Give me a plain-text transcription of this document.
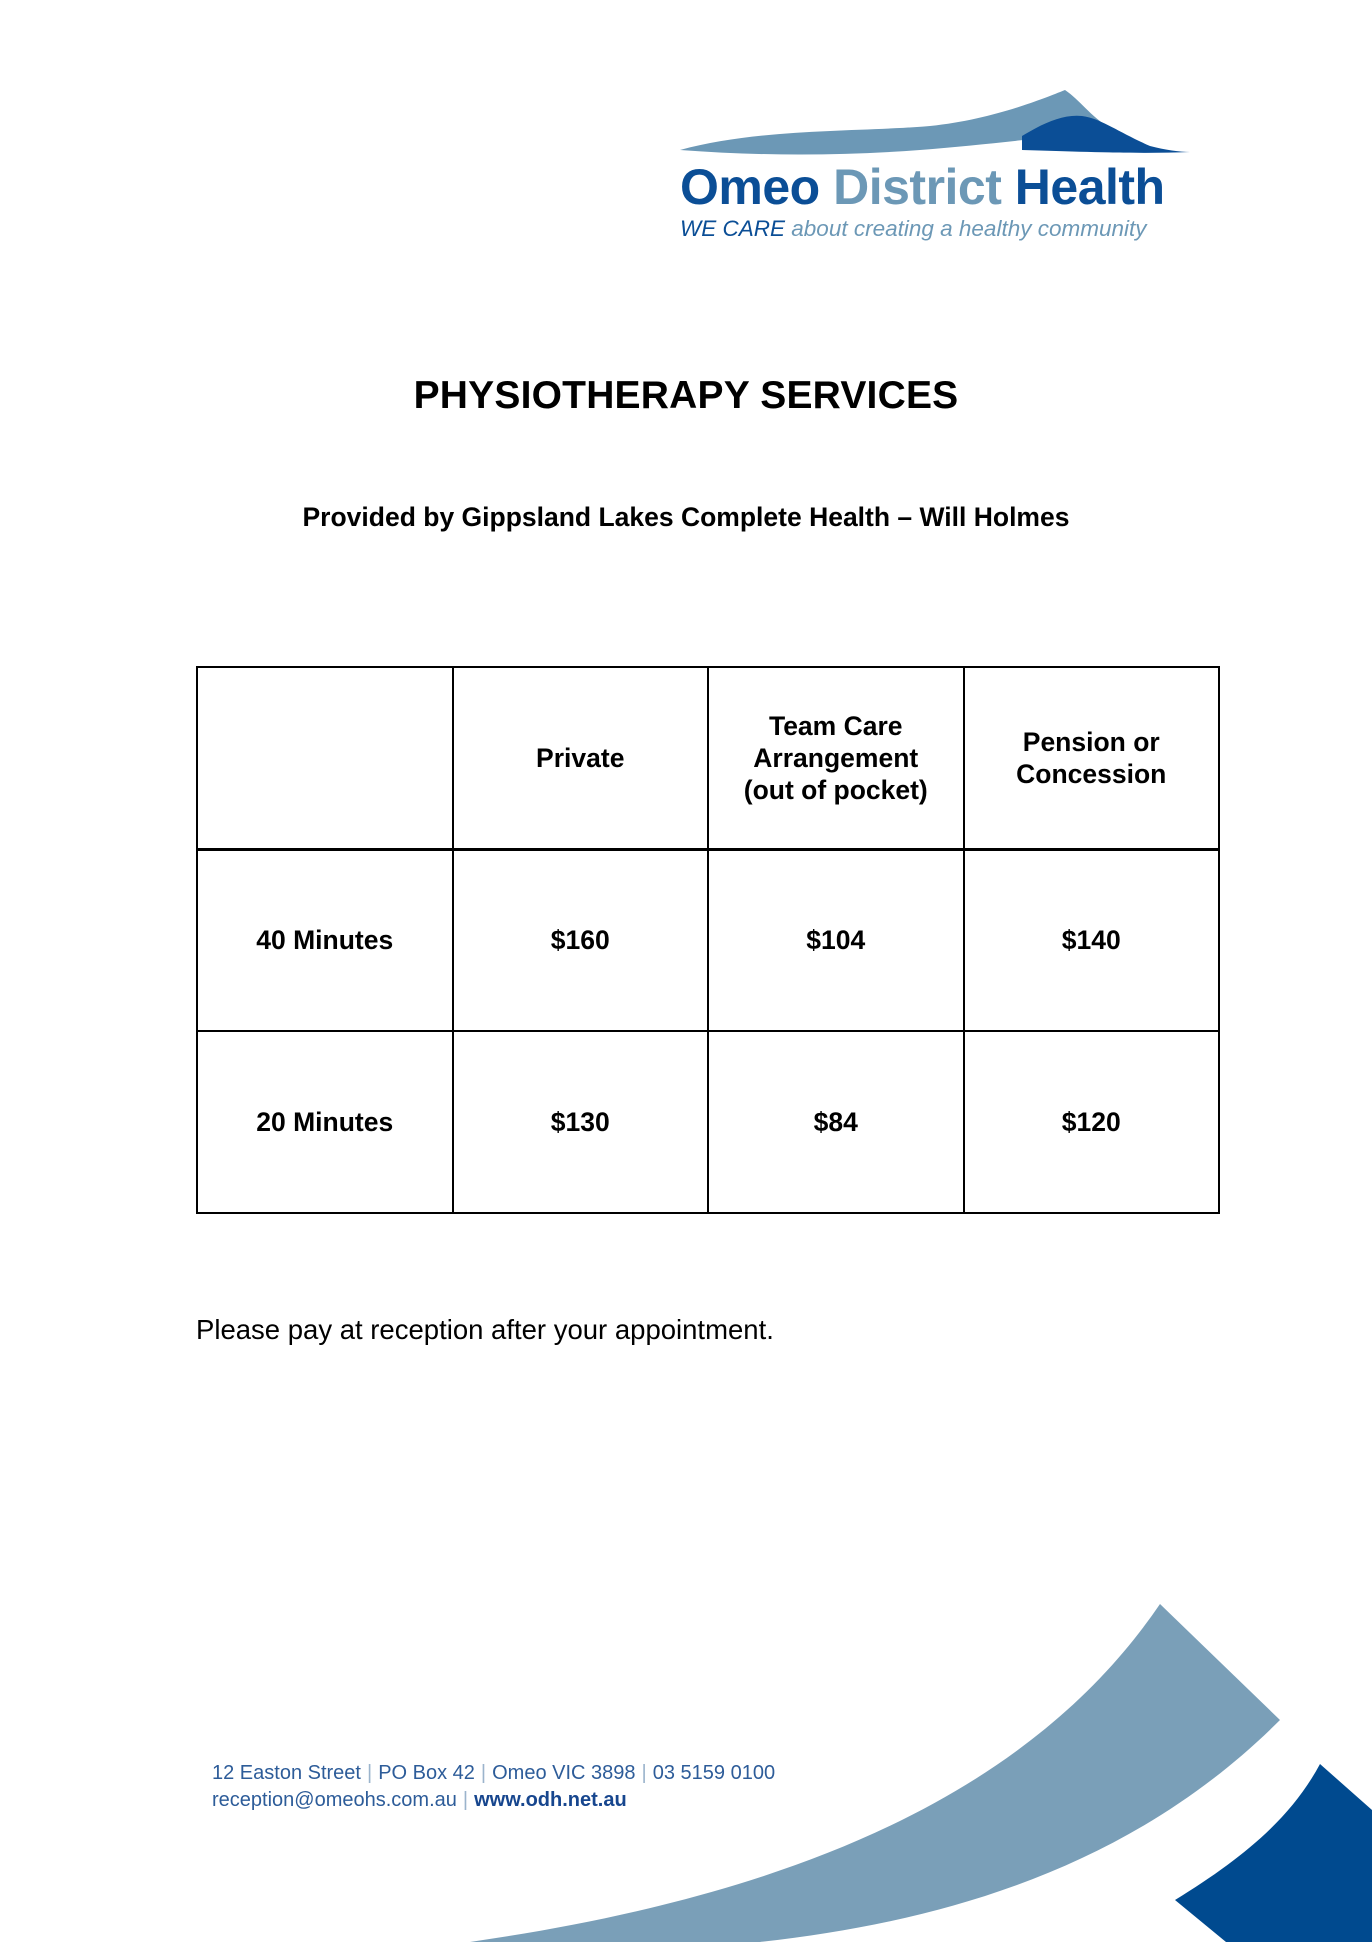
Omeo District Health
WE CARE about creating a healthy community
PHYSIOTHERAPY SERVICES
Provided by Gippsland Lakes Complete Health – Will Holmes
	Private	Team Care Arrangement (out of pocket)	Pension or Concession
40 Minutes	$160	$104	$140
20 Minutes	$130	$84	$120
Please pay at reception after your appointment.
12 Easton Street | PO Box 42 | Omeo VIC 3898 | 03 5159 0100
reception@omeohs.com.au | www.odh.net.au
